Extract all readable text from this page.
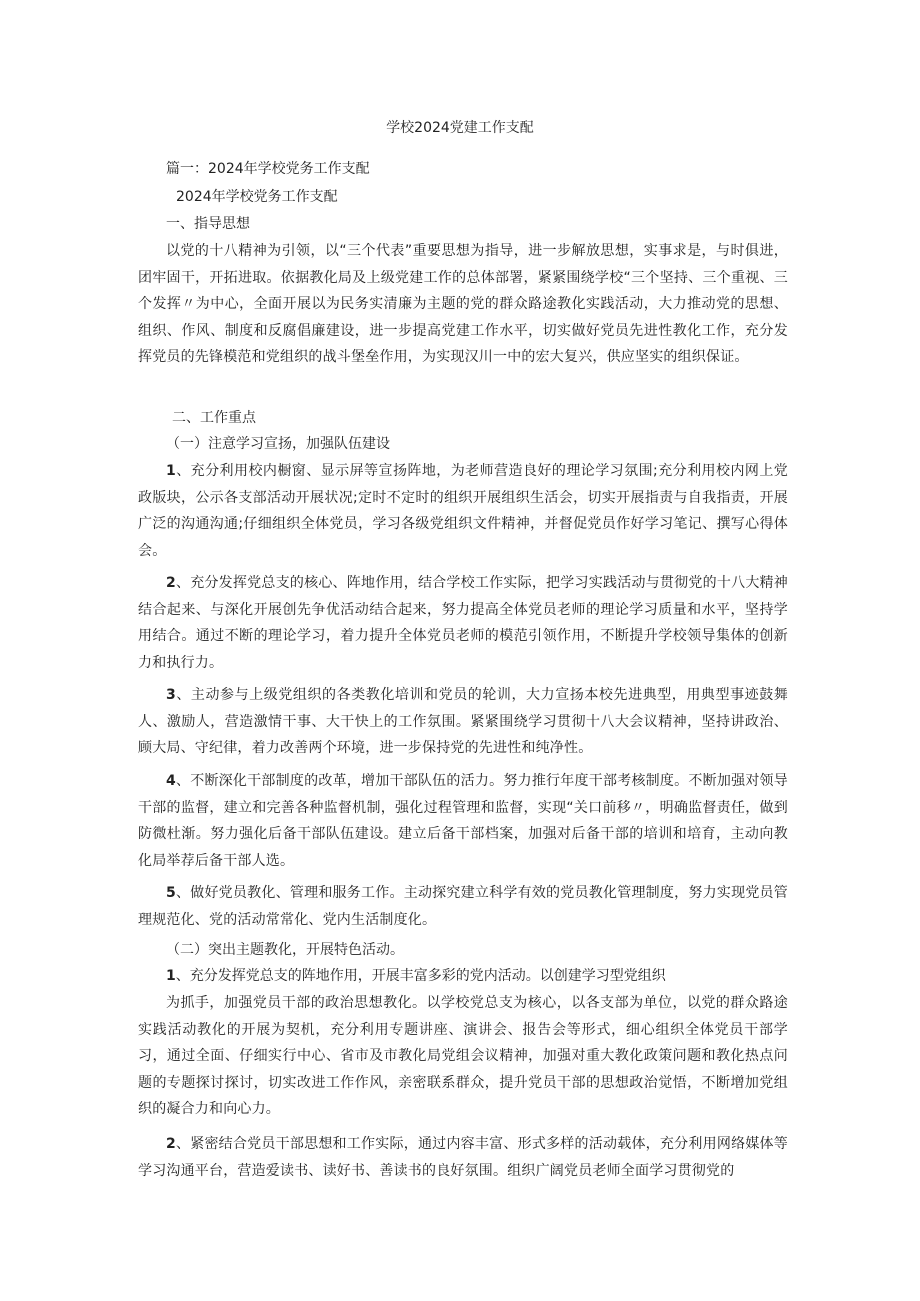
学校2024党建工作支配
篇一：2024年学校党务工作支配
2024年学校党务工作支配
一、指导思想
以党的十八精神为引领，以“三个代表”重要思想为指导，进一步解放思想，实事求是，与时俱进，团牢固干，开拓进取。依据教化局及上级党建工作的总体部署，紧紧围绕学校“三个坚持、三个重视、三个发挥〃为中心，全面开展以为民务实清廉为主题的党的群众路途教化实践活动，大力推动党的思想、组织、作风、制度和反腐倡廉建设，进一步提高党建工作水平，切实做好党员先进性教化工作，充分发挥党员的先锋模范和党组织的战斗堡垒作用，为实现汉川一中的宏大复兴，供应坚实的组织保证。
二、工作重点
（一）注意学习宣扬，加强队伍建设
1、充分利用校内橱窗、显示屏等宣扬阵地，为老师营造良好的理论学习氛围;充分利用校内网上党政版块，公示各支部活动开展状况;定时不定时的组织开展组织生活会，切实开展指责与自我指责，开展广泛的沟通沟通;仔细组织全体党员，学习各级党组织文件精神，并督促党员作好学习笔记、撰写心得体会。
2、充分发挥党总支的核心、阵地作用，结合学校工作实际，把学习实践活动与贯彻党的十八大精神结合起来、与深化开展创先争优活动结合起来，努力提高全体党员老师的理论学习质量和水平，坚持学用结合。通过不断的理论学习，着力提升全体党员老师的模范引领作用，不断提升学校领导集体的创新力和执行力。
3、主动参与上级党组织的各类教化培训和党员的轮训，大力宣扬本校先进典型，用典型事迹鼓舞人、激励人，营造激情干事、大干快上的工作氛围。紧紧围绕学习贯彻十八大会议精神，坚持讲政治、顾大局、守纪律，着力改善两个环境，进一步保持党的先进性和纯净性。
4、不断深化干部制度的改革，增加干部队伍的活力。努力推行年度干部考核制度。不断加强对领导干部的监督，建立和完善各种监督机制，强化过程管理和监督，实现“关口前移〃，明确监督责任，做到防微杜渐。努力强化后备干部队伍建设。建立后备干部档案，加强对后备干部的培训和培育，主动向教化局举荐后备干部人选。
5、做好党员教化、管理和服务工作。主动探究建立科学有效的党员教化管理制度，努力实现党员管理规范化、党的活动常常化、党内生活制度化。
（二）突出主题教化，开展特色活动。
1、充分发挥党总支的阵地作用，开展丰富多彩的党内活动。以创建学习型党组织
为抓手，加强党员干部的政治思想教化。以学校党总支为核心，以各支部为单位，以党的群众路途实践活动教化的开展为契机，充分利用专题讲座、演讲会、报告会等形式，细心组织全体党员干部学习，通过全面、仔细实行中心、省市及市教化局党组会议精神，加强对重大教化政策问题和教化热点问题的专题探讨探讨，切实改进工作作风，亲密联系群众，提升党员干部的思想政治觉悟，不断增加党组织的凝合力和向心力。
2、紧密结合党员干部思想和工作实际，通过内容丰富、形式多样的活动载体，充分利用网络媒体等学习沟通平台，营造爱读书、读好书、善读书的良好氛围。组织广阔党员老师全面学习贯彻党的
